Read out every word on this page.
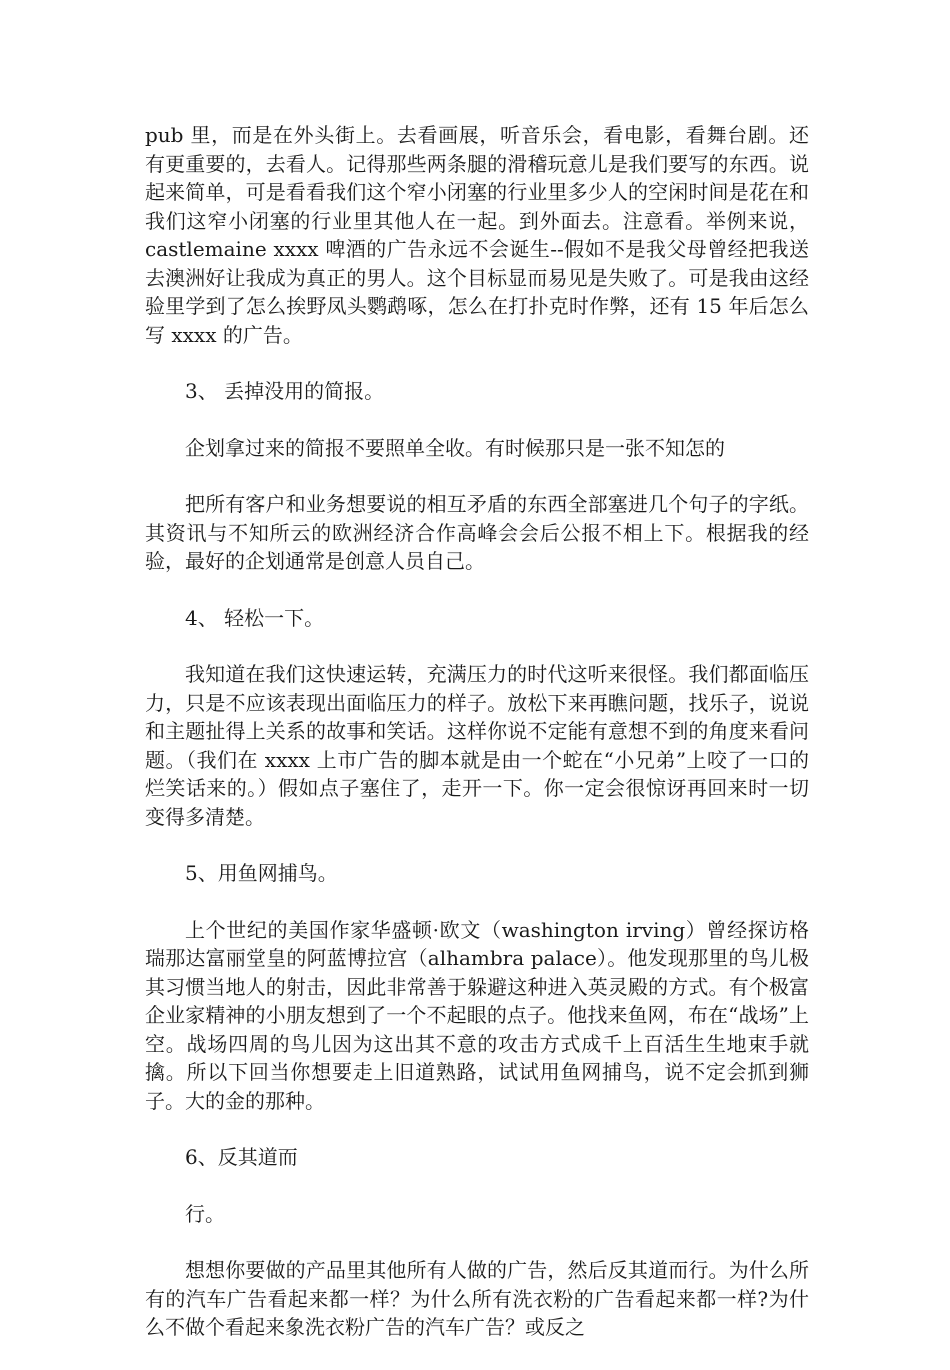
pub 里，而是在外头街上。去看画展，听音乐会，看电影，看舞台剧。还有更重要的，去看人。记得那些两条腿的滑稽玩意儿是我们要写的东西。说起来简单，可是看看我们这个窄小闭塞的行业里多少人的空闲时间是花在和我们这窄小闭塞的行业里其他人在一起。到外面去。注意看。举例来说，castlemaine xxxx 啤酒的广告永远不会诞生--假如不是我父母曾经把我送去澳洲好让我成为真正的男人。这个目标显而易见是失败了。可是我由这经验里学到了怎么挨野凤头鹦鹉啄，怎么在打扑克时作弊，还有 15 年后怎么写 xxxx 的广告。

3、 丢掉没用的简报。

企划拿过来的简报不要照单全收。有时候那只是一张不知怎的

把所有客户和业务想要说的相互矛盾的东西全部塞进几个句子的字纸。其资讯与不知所云的欧洲经济合作高峰会会后公报不相上下。根据我的经验，最好的企划通常是创意人员自己。

4、 轻松一下。

我知道在我们这快速运转，充满压力的时代这听来很怪。我们都面临压力，只是不应该表现出面临压力的样子。放松下来再瞧问题，找乐子，说说和主题扯得上关系的故事和笑话。这样你说不定能有意想不到的角度来看问题。（我们在 xxxx 上市广告的脚本就是由一个蛇在“小兄弟”上咬了一口的烂笑话来的。）假如点子塞住了，走开一下。你一定会很惊讶再回来时一切变得多清楚。

5、用鱼网捕鸟。

上个世纪的美国作家华盛顿·欧文（washington irving）曾经探访格瑞那达富丽堂皇的阿蓝博拉宫（alhambra palace）。他发现那里的鸟儿极其习惯当地人的射击，因此非常善于躲避这种进入英灵殿的方式。有个极富企业家精神的小朋友想到了一个不起眼的点子。他找来鱼网，布在“战场”上空。战场四周的鸟儿因为这出其不意的攻击方式成千上百活生生地束手就擒。所以下回当你想要走上旧道熟路，试试用鱼网捕鸟，说不定会抓到狮子。大的金的那种。

6、反其道而

行。

想想你要做的产品里其他所有人做的广告，然后反其道而行。为什么所有的汽车广告看起来都一样？为什么所有洗衣粉的广告看起来都一样?为什么不做个看起来象洗衣粉广告的汽车广告？或反之
